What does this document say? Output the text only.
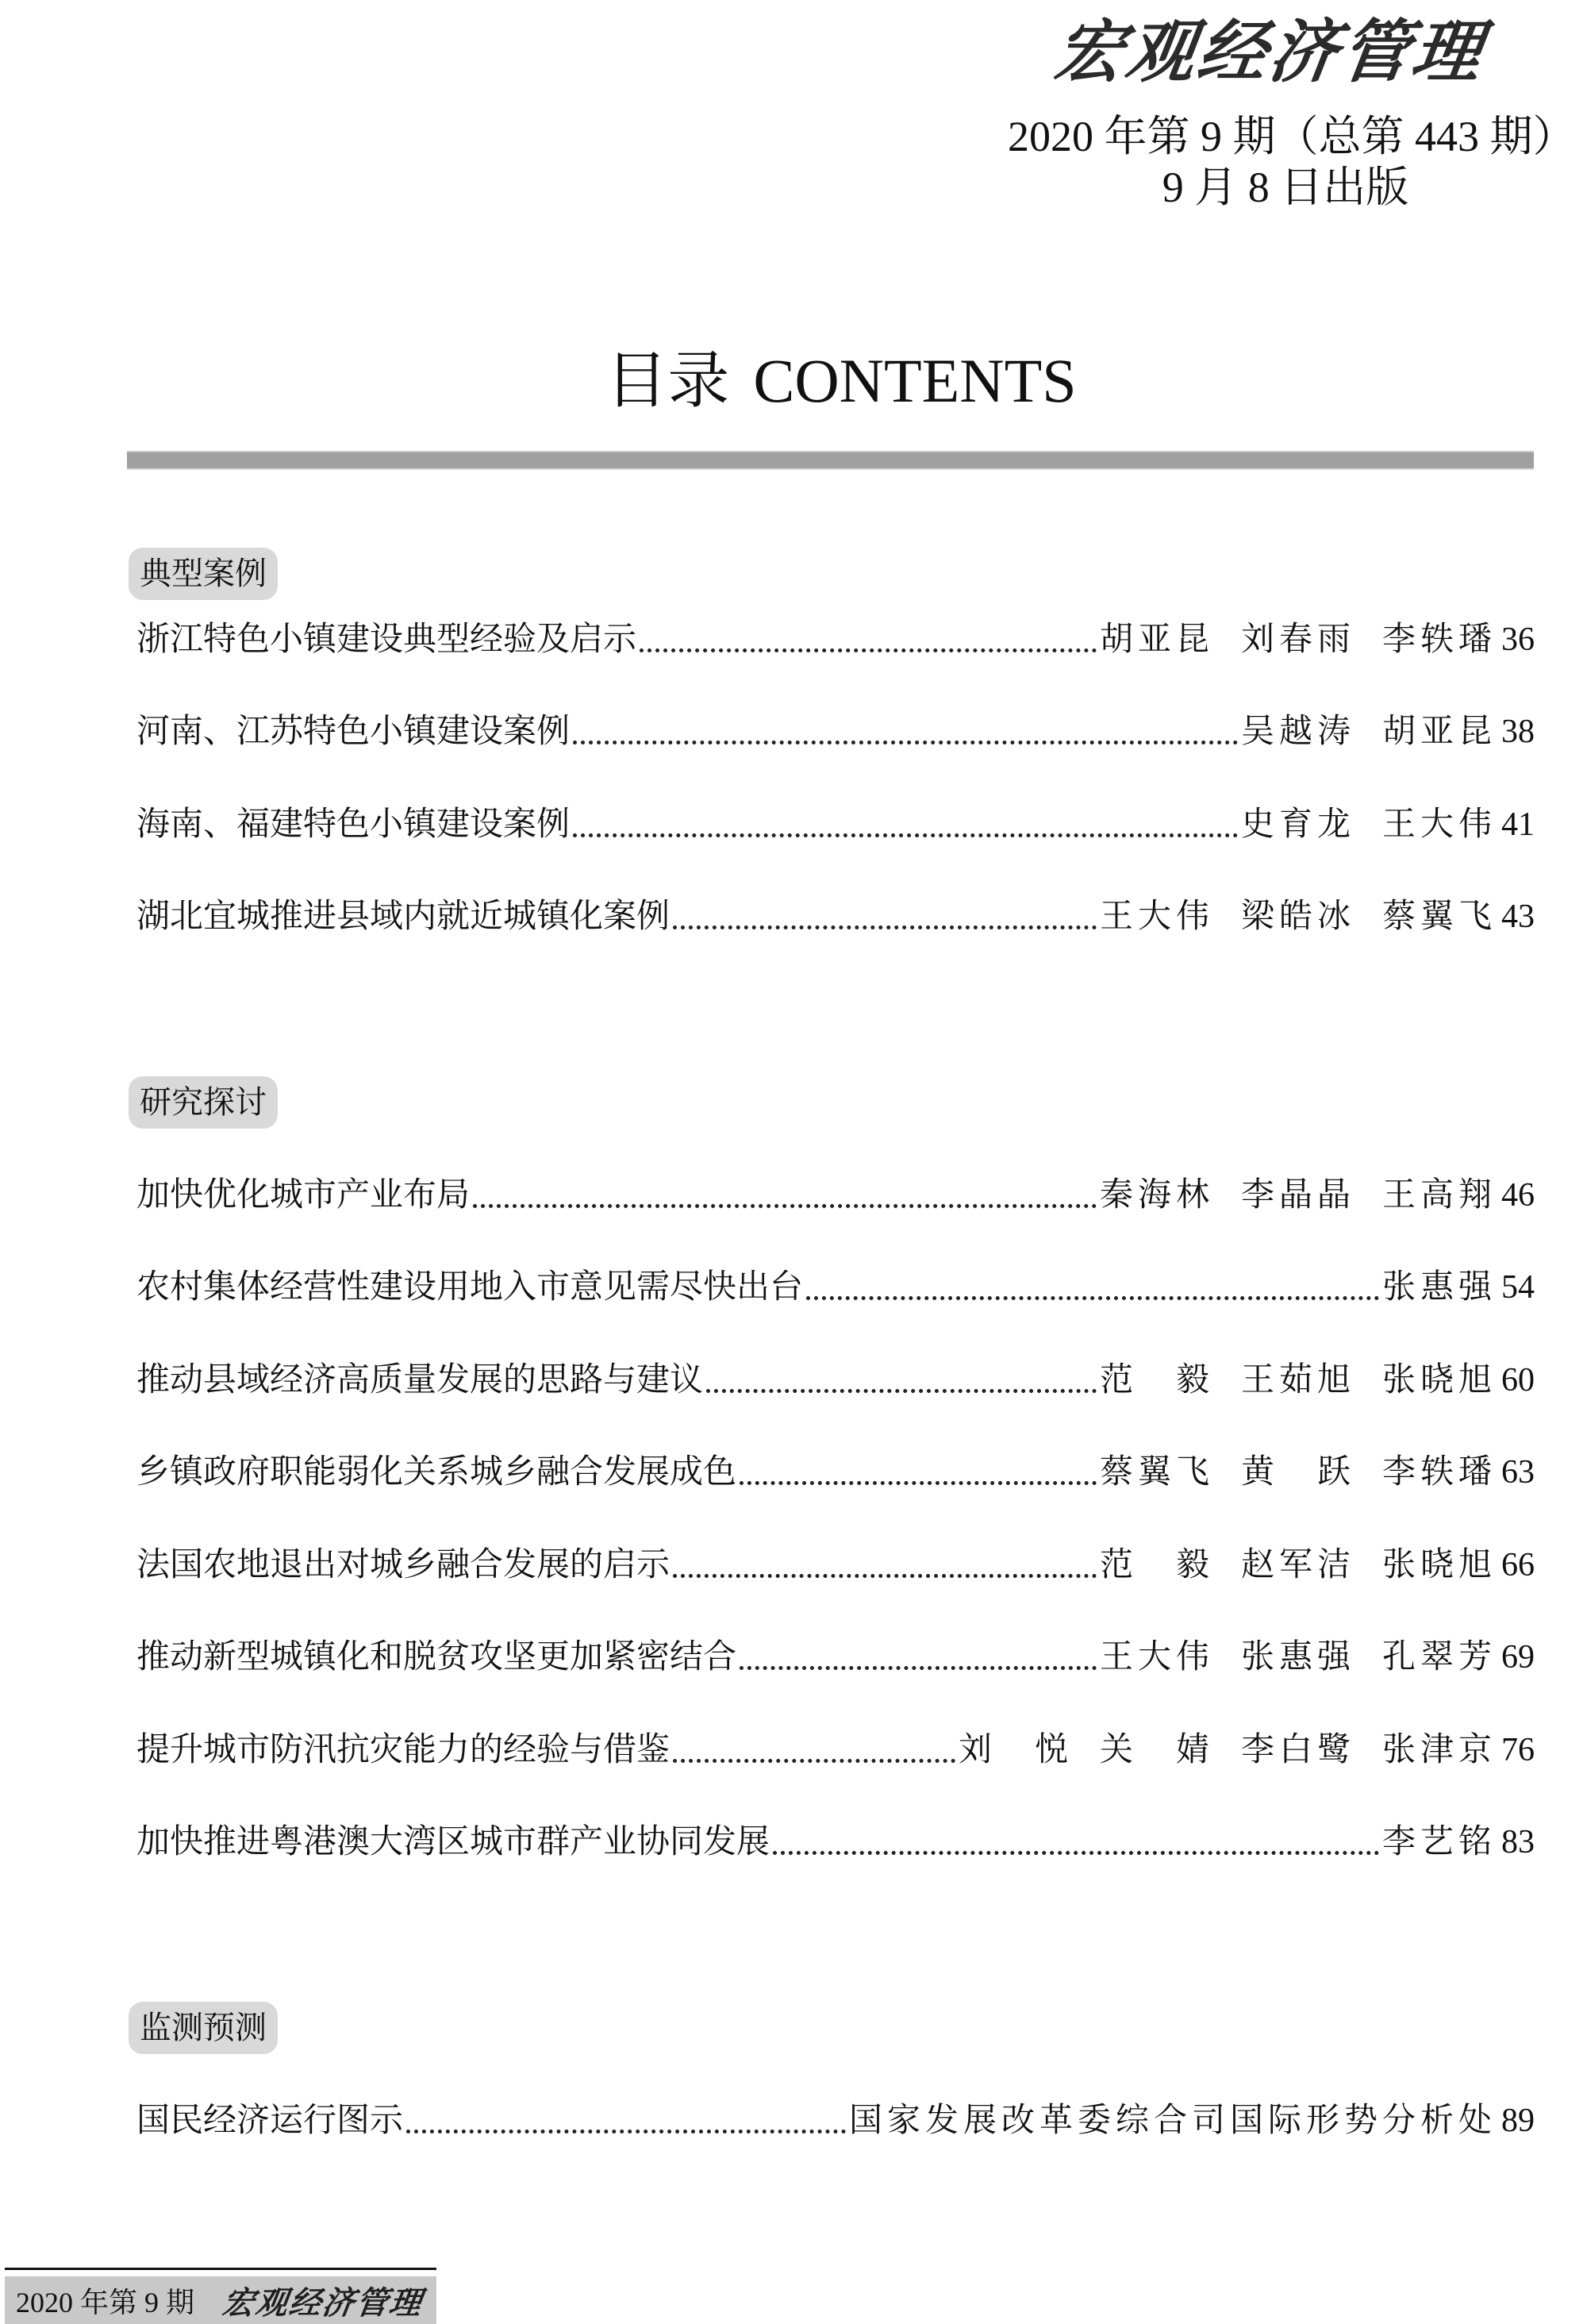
宏观经济管理
2020 年第 9 期（总第 443 期）
9 月 8 日出版
目录 CONTENTS
典型案例
浙江特色小镇建设典型经验及启示	胡亚昆 刘春雨 李轶璠 36
河南、江苏特色小镇建设案例	吴越涛 胡亚昆 38
海南、福建特色小镇建设案例	史育龙 王大伟 41
湖北宜城推进县域内就近城镇化案例	王大伟 梁皓冰 蔡翼飞 43
研究探讨
加快优化城市产业布局	秦海林 李晶晶 王高翔 46
农村集体经营性建设用地入市意见需尽快出台	张惠强 54
推动县域经济高质量发展的思路与建议	范　毅 王茹旭 张晓旭 60
乡镇政府职能弱化关系城乡融合发展成色	蔡翼飞 黄　跃 李轶璠 63
法国农地退出对城乡融合发展的启示	范　毅 赵军洁 张晓旭 66
推动新型城镇化和脱贫攻坚更加紧密结合	王大伟 张惠强 孔翠芳 69
提升城市防汛抗灾能力的经验与借鉴	刘　悦 关　婧 李白鹭 张津京 76
加快推进粤港澳大湾区城市群产业协同发展	李艺铭 83
监测预测
国民经济运行图示	国家发展改革委综合司国际形势分析处 89
2020 年第 9 期 宏观经济管理
